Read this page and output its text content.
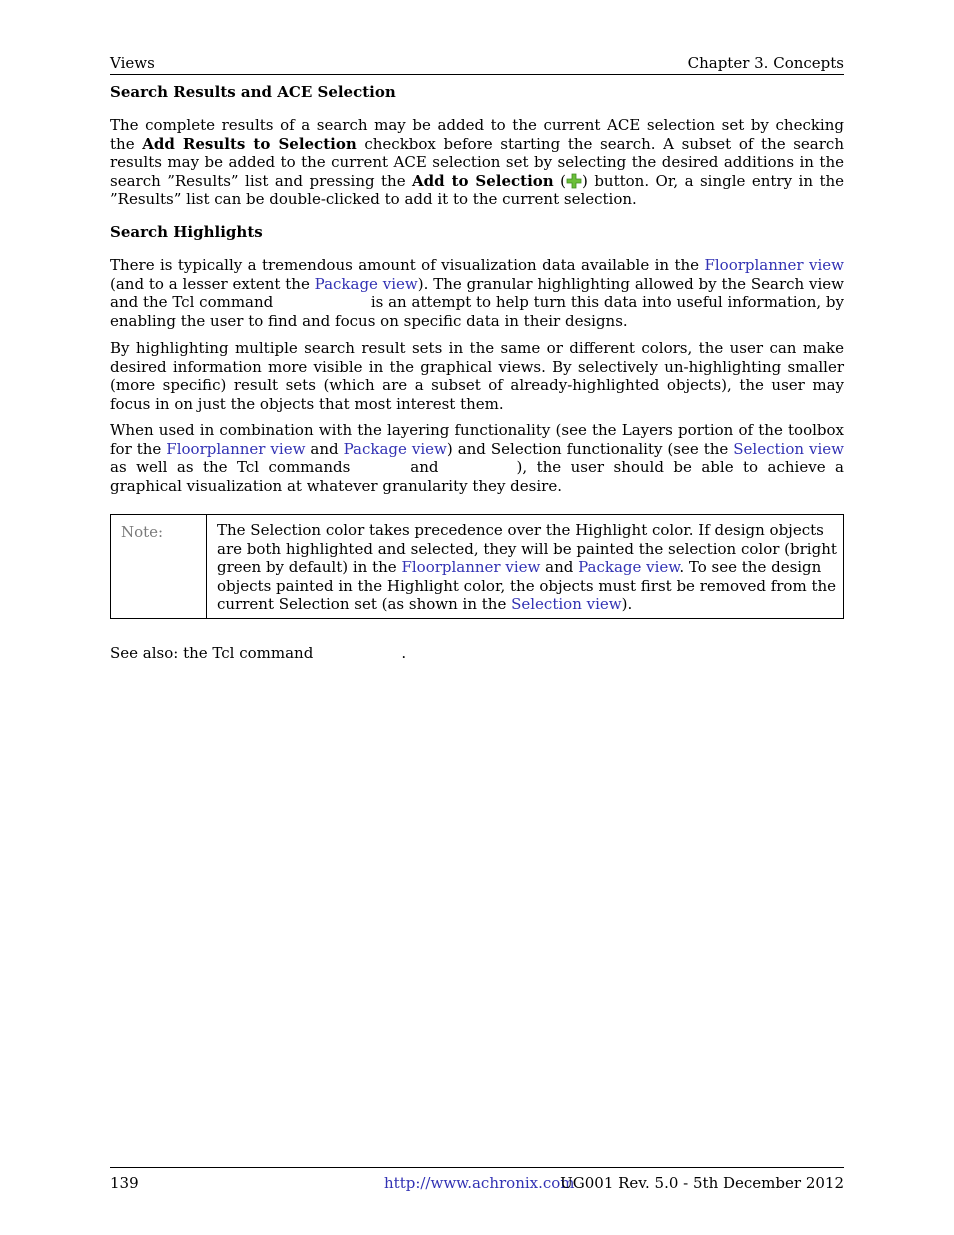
Views	Chapter 3. Concepts
Search Results and ACE Selection

The complete results of a search may be added to the current ACE selection set by checking the Add Results to Selection checkbox before starting the search. A subset of the search results may be added to the current ACE selection set by selecting the desired additions in the search ”Results” list and pressing the Add to Selection ( ) button. Or, a single entry in the ”Results” list can be double-clicked to add it to the current selection.

Search Highlights

There is typically a tremendous amount of visualization data available in the Floorplanner view (and to a lesser extent the Package view). The granular highlighting allowed by the Search view and the Tcl command	is an attempt to help turn this data into useful information, by enabling the user to find and focus on specific data in their designs.

By highlighting multiple search result sets in the same or different colors, the user can make desired information more visible in the graphical views. By selectively un-highlighting smaller (more specific) result sets (which are a subset of already-highlighted objects), the user may focus in on just the objects that most interest them.

When used in combination with the layering functionality (see the Layers portion of the toolbox for the Floorplanner view and Package view) and Selection functionality (see the Selection view as well as the Tcl commands	and	), the user should be able to achieve a graphical visualization at whatever granularity they desire.

Note:	The Selection color takes precedence over the Highlight color. If design objects are both highlighted and selected, they will be painted the selection color (bright green by default) in the Floorplanner view and Package view. To see the design objects painted in the Highlight color, the objects must first be removed from the current Selection set (as shown in the Selection view).

See also: the Tcl command	.

139	http://www.achronix.com
UG001 Rev. 5.0 - 5th December 2012
